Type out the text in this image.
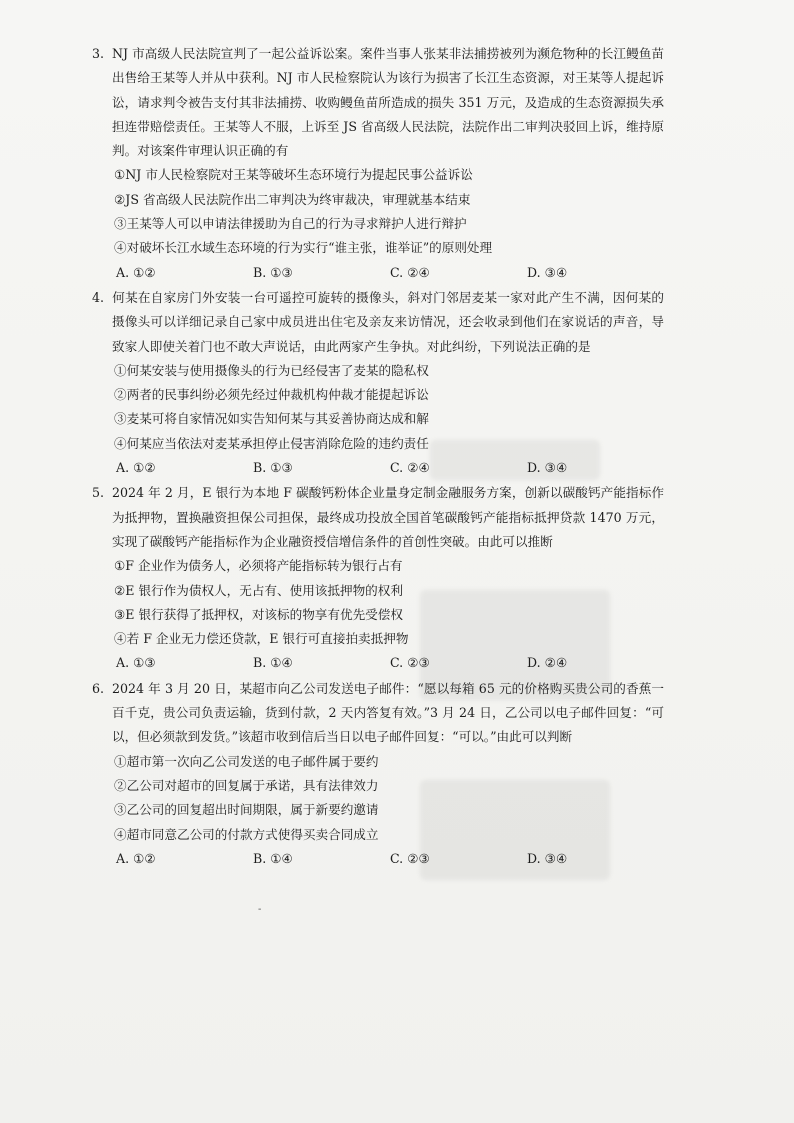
3. NJ 市高级人民法院宣判了一起公益诉讼案。案件当事人张某非法捕捞被列为濒危物种的长江鳗鱼苗出售给王某等人并从中获利。NJ 市人民检察院认为该行为损害了长江生态资源，对王某等人提起诉讼，请求判令被告支付其非法捕捞、收购鳗鱼苗所造成的损失 351 万元，及造成的生态资源损失承担连带赔偿责任。王某等人不服，上诉至 JS 省高级人民法院，法院作出二审判决驳回上诉，维持原判。对该案件审理认识正确的有
①NJ 市人民检察院对王某等破坏生态环境行为提起民事公益诉讼
②JS 省高级人民法院作出二审判决为终审裁决，审理就基本结束
③王某等人可以申请法律援助为自己的行为寻求辩护人进行辩护
④对破坏长江水域生态环境的行为实行“谁主张，谁举证”的原则处理
A. ①②	B. ①③	C. ②④	D. ③④
4. 何某在自家房门外安装一台可遥控可旋转的摄像头，斜对门邻居麦某一家对此产生不满，因何某的摄像头可以详细记录自己家中成员进出住宅及亲友来访情况，还会收录到他们在家说话的声音，导致家人即使关着门也不敢大声说话，由此两家产生争执。对此纠纷，下列说法正确的是
①何某安装与使用摄像头的行为已经侵害了麦某的隐私权
②两者的民事纠纷必须先经过仲裁机构仲裁才能提起诉讼
③麦某可将自家情况如实告知何某与其妥善协商达成和解
④何某应当依法对麦某承担停止侵害消除危险的违约责任
A. ①②	B. ①③	C. ②④	D. ③④
5. 2024 年 2 月，E 银行为本地 F 碳酸钙粉体企业量身定制金融服务方案，创新以碳酸钙产能指标作为抵押物，置换融资担保公司担保，最终成功投放全国首笔碳酸钙产能指标抵押贷款 1470 万元，实现了碳酸钙产能指标作为企业融资授信增信条件的首创性突破。由此可以推断
①F 企业作为债务人，必须将产能指标转为银行占有
②E 银行作为债权人，无占有、使用该抵押物的权利
③E 银行获得了抵押权，对该标的物享有优先受偿权
④若 F 企业无力偿还贷款，E 银行可直接拍卖抵押物
A. ①③	B. ①④	C. ②③	D. ②④
6. 2024 年 3 月 20 日，某超市向乙公司发送电子邮件：“愿以每箱 65 元的价格购买贵公司的香蕉一百千克，贵公司负责运输，货到付款，2 天内答复有效。”3 月 24 日，乙公司以电子邮件回复：“可以，但必须款到发货。”该超市收到信后当日以电子邮件回复：“可以。”由此可以判断
①超市第一次向乙公司发送的电子邮件属于要约
②乙公司对超市的回复属于承诺，具有法律效力
③乙公司的回复超出时间期限，属于新要约邀请
④超市同意乙公司的付款方式使得买卖合同成立
A. ①②	B. ①④	C. ②③	D. ③④
-
